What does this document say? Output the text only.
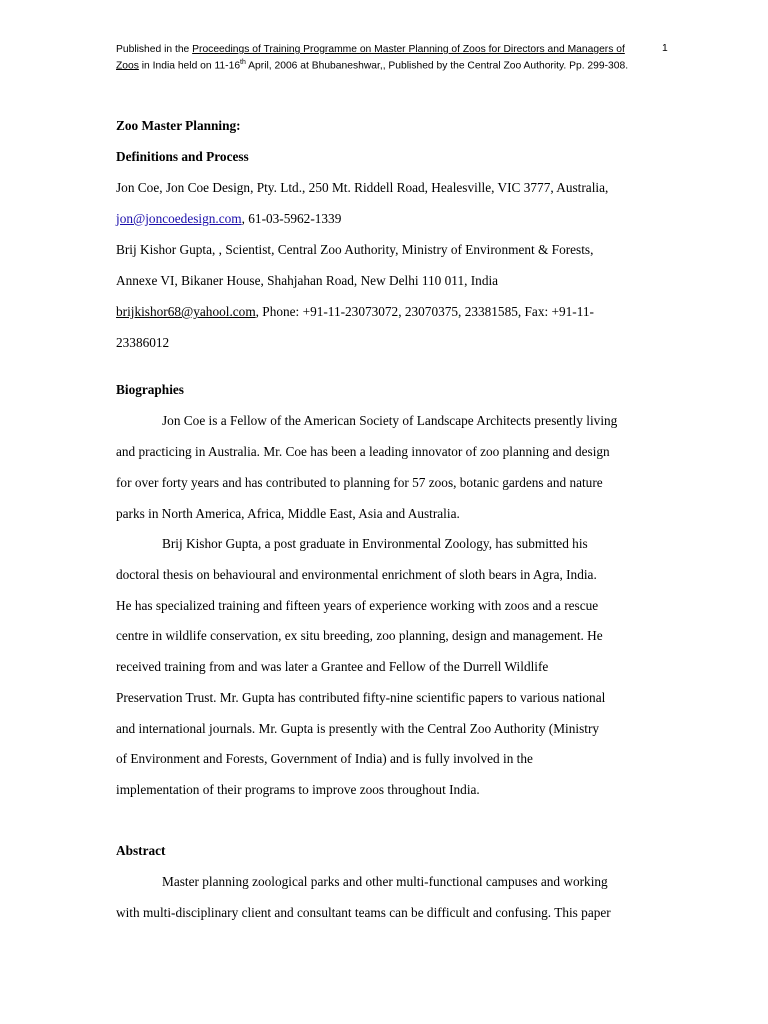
Published in the Proceedings of Training Programme on Master Planning of Zoos for Directors and Managers of Zoos in India held on 11-16th April, 2006 at Bhubaneshwar,, Published by the Central Zoo Authority. Pp. 299-308.
1
Zoo Master Planning:
Definitions and Process
Jon Coe, Jon Coe Design, Pty. Ltd., 250 Mt. Riddell Road, Healesville, VIC 3777, Australia,
jon@joncoedesign.com, 61-03-5962-1339
Brij Kishor Gupta, , Scientist, Central Zoo Authority, Ministry of Environment & Forests,
Annexe VI, Bikaner House, Shahjahan Road, New Delhi 110 011, India
brijkishor68@yahool.com, Phone: +91-11-23073072, 23070375, 23381585, Fax: +91-11-
23386012
Biographies
Jon Coe is a Fellow of the American Society of Landscape Architects presently living
and practicing in Australia. Mr. Coe has been a leading innovator of zoo planning and design
for over forty years and has contributed to planning for 57 zoos, botanic gardens and nature
parks in North America, Africa, Middle East, Asia and Australia.
Brij Kishor Gupta, a post graduate in Environmental Zoology, has submitted his
doctoral thesis on behavioural and environmental enrichment of sloth bears in Agra, India.
He has specialized training and fifteen years of experience working with zoos and a rescue
centre in wildlife conservation, ex situ breeding, zoo planning, design and management. He
received training from and was later a Grantee and Fellow of the Durrell Wildlife
Preservation Trust. Mr. Gupta has contributed fifty-nine scientific papers to various national
and international journals. Mr. Gupta is presently with the Central Zoo Authority (Ministry
of Environment and Forests, Government of India) and is fully involved in the
implementation of their programs to improve zoos throughout India.
Abstract
Master planning zoological parks and other multi-functional campuses and working
with multi-disciplinary client and consultant teams can be difficult and confusing. This paper
